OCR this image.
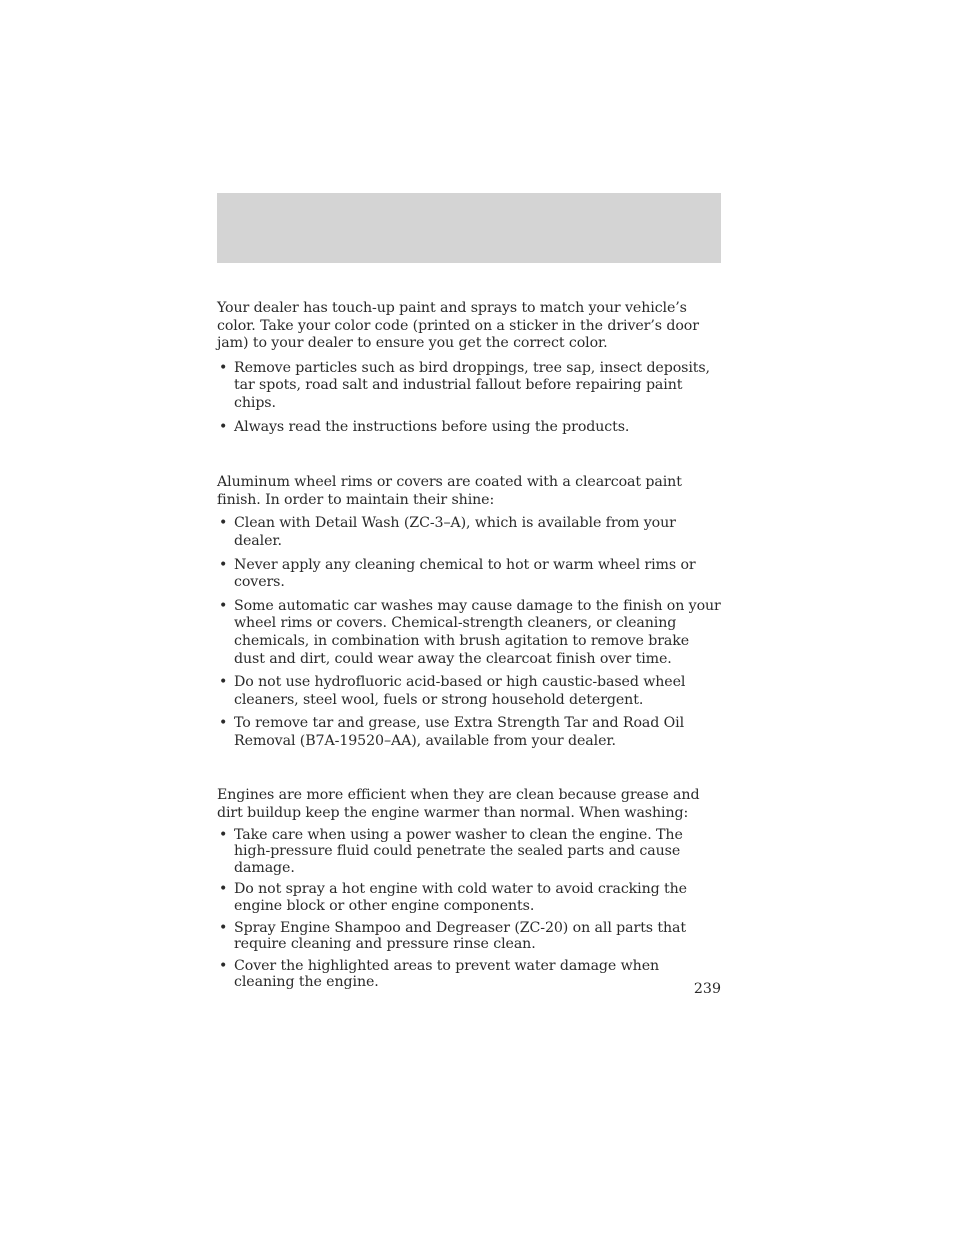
Your dealer has touch-up paint and sprays to match your vehicle’s color. Take your color code (printed on a sticker in the driver’s door jam) to your dealer to ensure you get the correct color.

• Remove particles such as bird droppings, tree sap, insect deposits, tar spots, road salt and industrial fallout before repairing paint chips.
• Always read the instructions before using the products.

Aluminum wheel rims or covers are coated with a clearcoat paint finish. In order to maintain their shine:

• Clean with Detail Wash (ZC-3–A), which is available from your dealer.
• Never apply any cleaning chemical to hot or warm wheel rims or covers.
• Some automatic car washes may cause damage to the finish on your wheel rims or covers. Chemical-strength cleaners, or cleaning chemicals, in combination with brush agitation to remove brake dust and dirt, could wear away the clearcoat finish over time.
• Do not use hydrofluoric acid-based or high caustic-based wheel cleaners, steel wool, fuels or strong household detergent.
• To remove tar and grease, use Extra Strength Tar and Road Oil Removal (B7A-19520–AA), available from your dealer.

Engines are more efficient when they are clean because grease and dirt buildup keep the engine warmer than normal. When washing:

• Take care when using a power washer to clean the engine. The high-pressure fluid could penetrate the sealed parts and cause damage.
• Do not spray a hot engine with cold water to avoid cracking the engine block or other engine components.
• Spray Engine Shampoo and Degreaser (ZC-20) on all parts that require cleaning and pressure rinse clean.
• Cover the highlighted areas to prevent water damage when cleaning the engine.	239
